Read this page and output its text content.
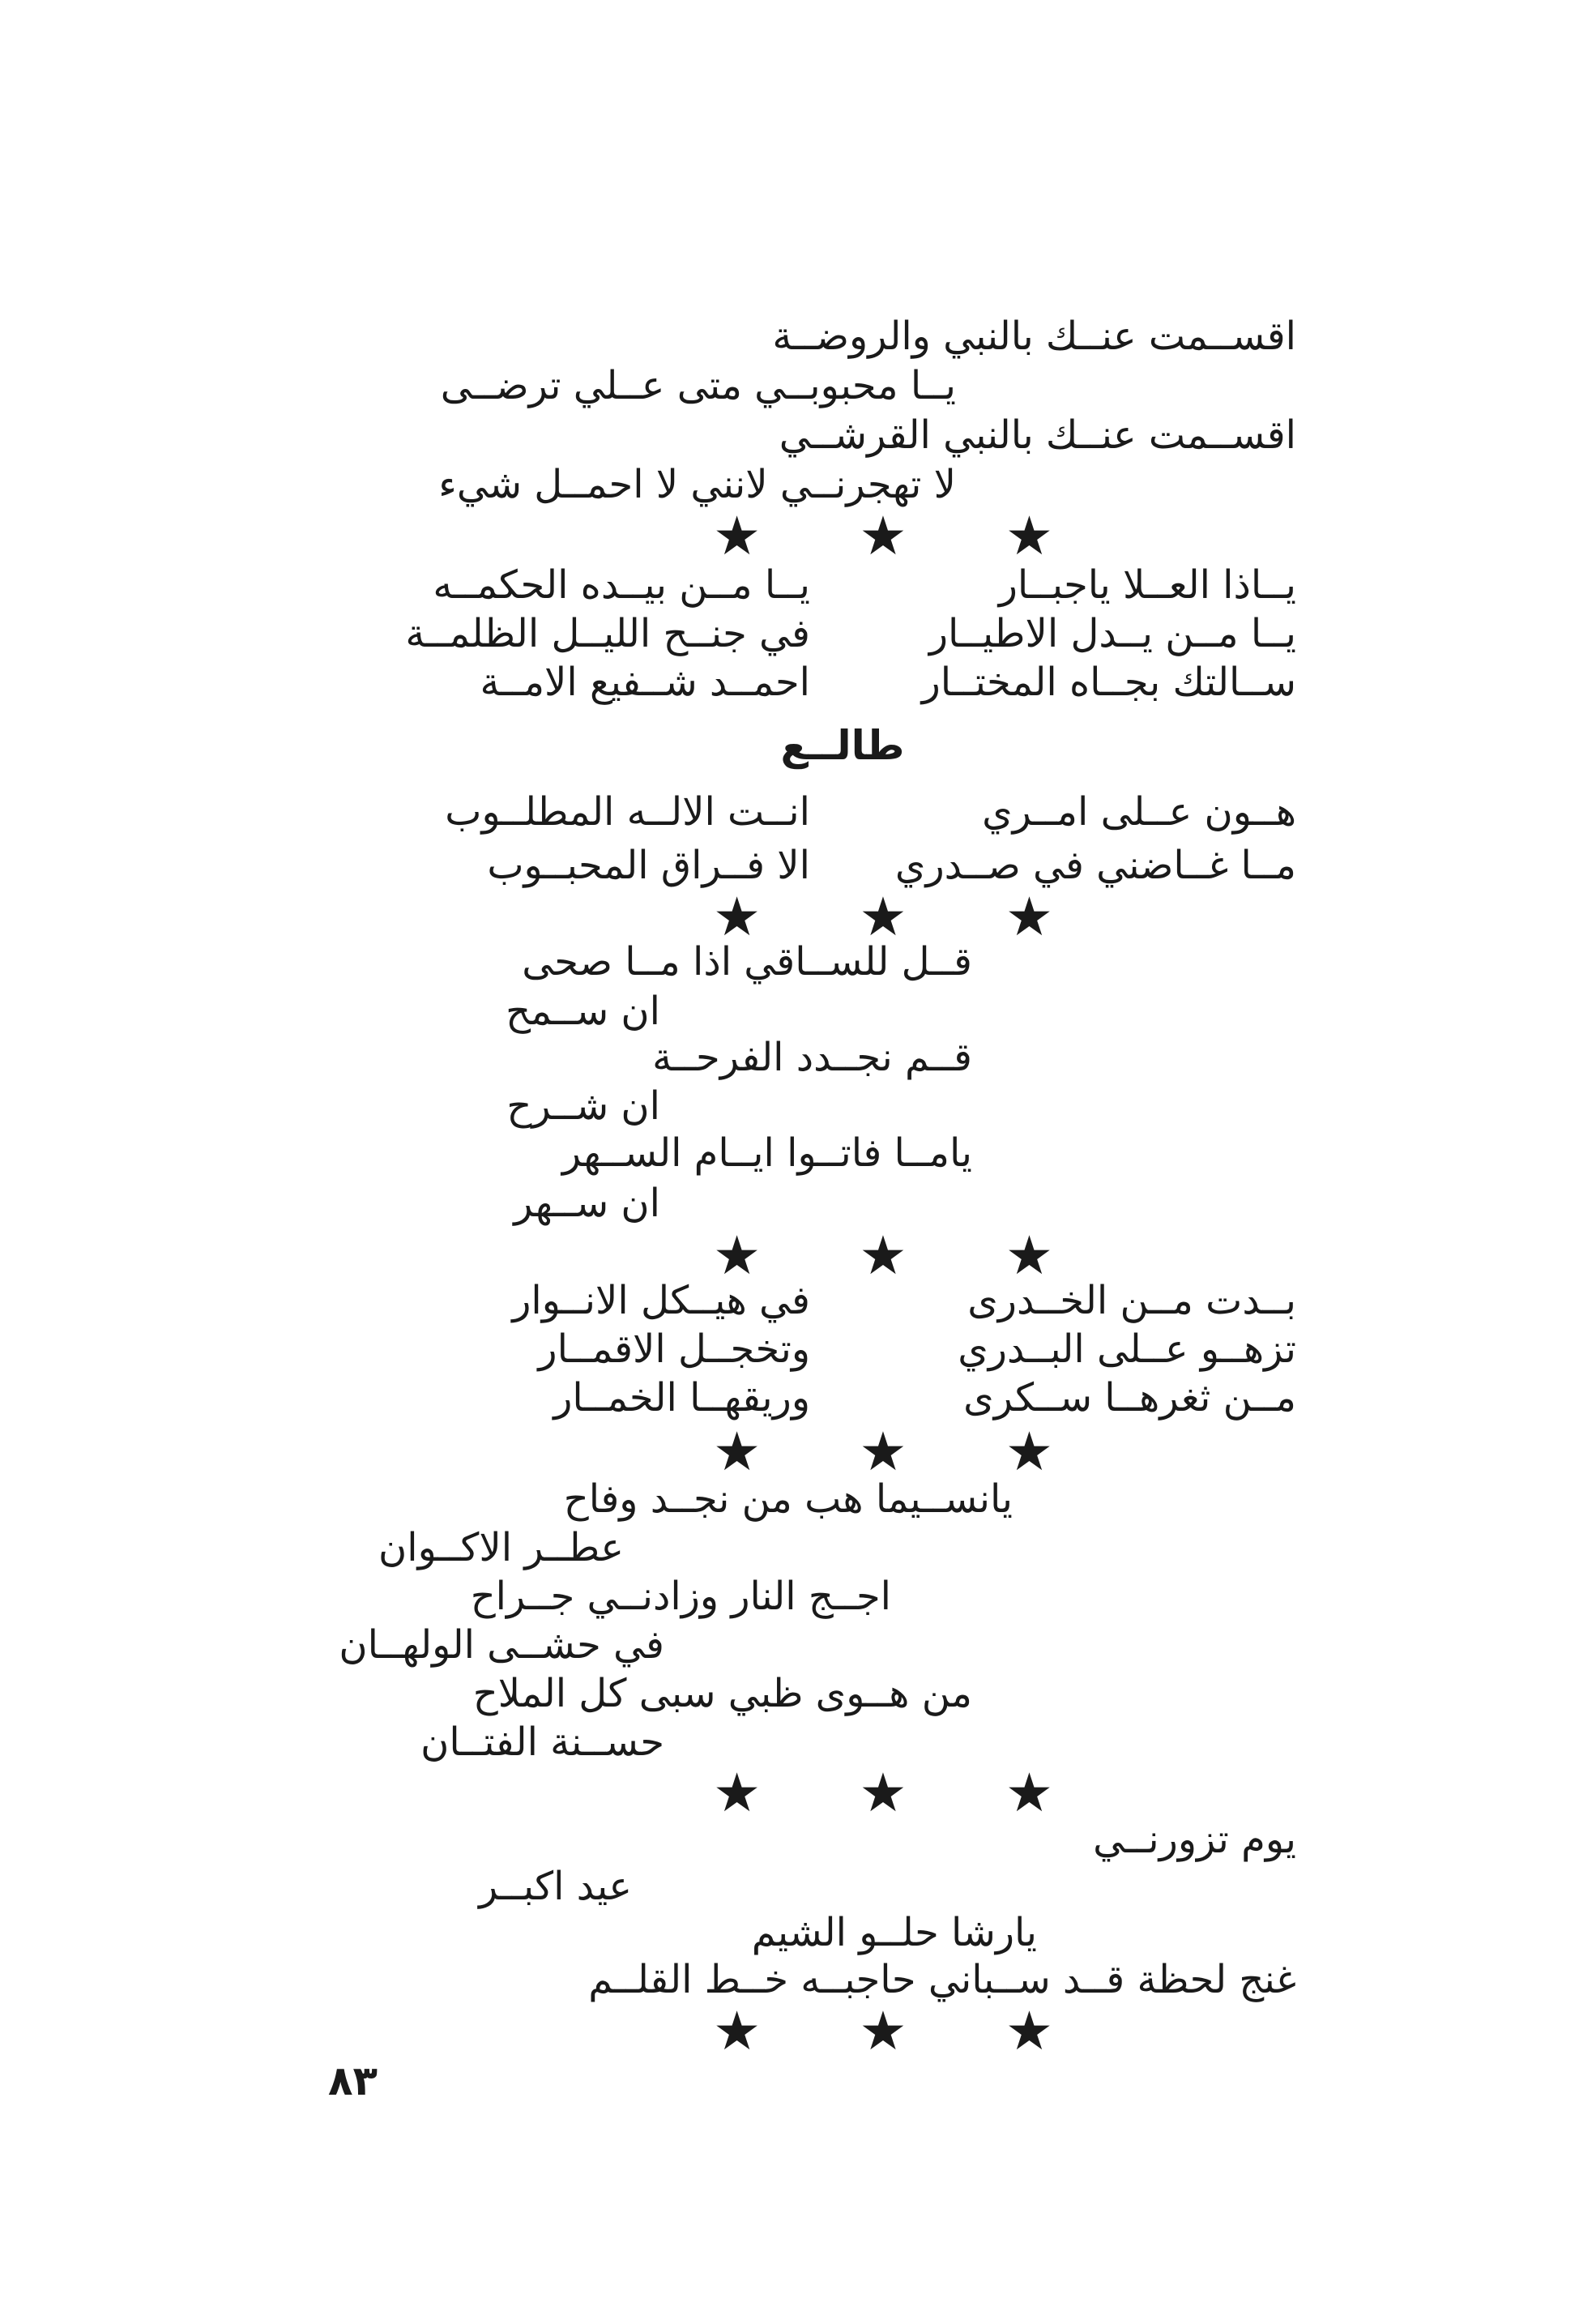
اقســمت عنــك بالنبي والروضــة
يــا محبوبــي متى عــلي ترضــى
اقســمت عنــك بالنبي القرشــي
لا تهجرنــي لانني لا احمــل شيء
★ ★ ★
يــاذا العــلا ياجبــار
يــا مــن بيــده الحكمــه
يــا مــن يــدل الاطيــار
في جنــح الليــل الظلمــة
ســالتك بجــاه المختــار
احمــد شــفيع الامــة
طالــع
هــون عــلى امــري
انــت الالــه المطلــوب
مــا غــاضني في صــدري
الا فــراق المحبــوب
★ ★ ★
قــل للســاقي اذا مــا صحى
ان ســمح
قــم نجــدد الفرحــة
ان شــرح
يامــا فاتــوا ايــام الســهر
ان ســهر
★ ★ ★
بــدت مــن الخــدرى
في هيــكل الانــوار
تزهــو عــلى البــدري
وتخجــل الاقمــار
مــن ثغرهــا ســكرى
وريقهــا الخمــار
★ ★ ★
يانســيما هب من نجــد وفاح
عطــر الاكــوان
اجــج النار وزادنــي جــراح
في حشــى الولهــان
من هــوى ظبي سبى كل الملاح
حســنة الفتــان
★ ★ ★
يوم تزورنــي
عيد اكبــر
يارشا حلــو الشيم
غنج لحظة قــد ســباني حاجبــه خــط القلــم
★ ★ ★
٨٣
